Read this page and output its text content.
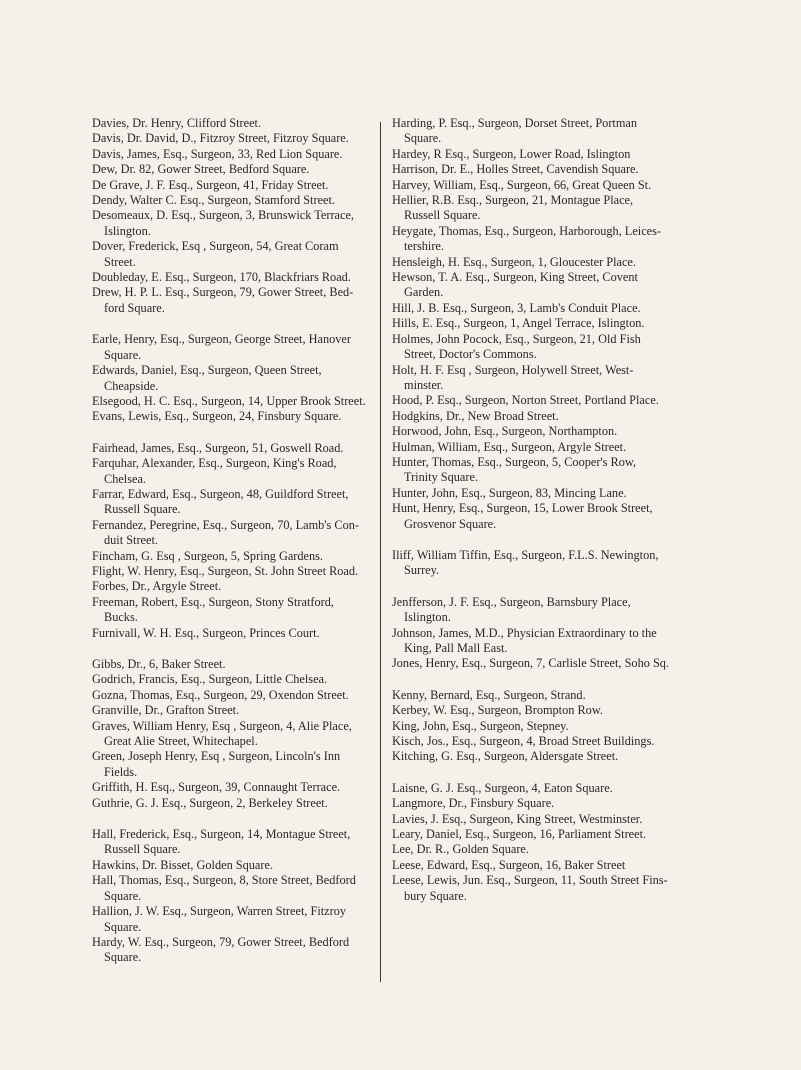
Davies, Dr. Henry, Clifford Street.
Davis, Dr. David, D., Fitzroy Street, Fitzroy Square.
Davis, James, Esq., Surgeon, 33, Red Lion Square.
Dew, Dr. 82, Gower Street, Bedford Square.
De Grave, J. F. Esq., Surgeon, 41, Friday Street.
Dendy, Walter C. Esq., Surgeon, Stamford Street.
Desomeaux, D. Esq., Surgeon, 3, Brunswick Terrace, Islington.
Dover, Frederick, Esq , Surgeon, 54, Great Coram Street.
Doubleday, E. Esq., Surgeon, 170, Blackfriars Road.
Drew, H. P. L. Esq., Surgeon, 79, Gower Street, Bed-ford Square.
Earle, Henry, Esq., Surgeon, George Street, Hanover Square.
Edwards, Daniel, Esq., Surgeon, Queen Street, Cheapside.
Elsegood, H. C. Esq., Surgeon, 14, Upper Brook Street.
Evans, Lewis, Esq., Surgeon, 24, Finsbury Square.
Fairhead, James, Esq., Surgeon, 51, Goswell Road.
Farquhar, Alexander, Esq., Surgeon, King's Road, Chelsea.
Farrar, Edward, Esq., Surgeon, 48, Guildford Street, Russell Square.
Fernandez, Peregrine, Esq., Surgeon, 70, Lamb's Con-duit Street.
Fincham, G. Esq , Surgeon, 5, Spring Gardens.
Flight, W. Henry, Esq., Surgeon, St. John Street Road.
Forbes, Dr., Argyle Street.
Freeman, Robert, Esq., Surgeon, Stony Stratford, Bucks.
Furnivall, W. H. Esq., Surgeon, Princes Court.
Gibbs, Dr., 6, Baker Street.
Godrich, Francis, Esq., Surgeon, Little Chelsea.
Gozna, Thomas, Esq., Surgeon, 29, Oxendon Street.
Granville, Dr., Grafton Street.
Graves, William Henry, Esq , Surgeon, 4, Alie Place, Great Alie Street, Whitechapel.
Green, Joseph Henry, Esq , Surgeon, Lincoln's Inn Fields.
Griffith, H. Esq., Surgeon, 39, Connaught Terrace.
Guthrie, G. J. Esq., Surgeon, 2, Berkeley Street.
Hall, Frederick, Esq., Surgeon, 14, Montague Street, Russell Square.
Hawkins, Dr. Bisset, Golden Square.
Hall, Thomas, Esq., Surgeon, 8, Store Street, Bedford Square.
Hallion, J. W. Esq., Surgeon, Warren Street, Fitzroy Square.
Hardy, W. Esq., Surgeon, 79, Gower Street, Bedford Square.
Harding, P. Esq., Surgeon, Dorset Street, Portman Square.
Hardey, R Esq., Surgeon, Lower Road, Islington
Harrison, Dr. E., Holles Street, Cavendish Square.
Harvey, William, Esq., Surgeon, 66, Great Queen St.
Hellier, R.B. Esq., Surgeon, 21, Montague Place, Russell Square.
Heygate, Thomas, Esq., Surgeon, Harborough, Leices-tershire.
Hensleigh, H. Esq., Surgeon, 1, Gloucester Place.
Hewson, T. A. Esq., Surgeon, King Street, Covent Garden.
Hill, J. B. Esq., Surgeon, 3, Lamb's Conduit Place.
Hills, E. Esq., Surgeon, 1, Angel Terrace, Islington.
Holmes, John Pocock, Esq., Surgeon, 21, Old Fish Street, Doctor's Commons.
Holt, H. F. Esq , Surgeon, Holywell Street, West-minster.
Hood, P. Esq., Surgeon, Norton Street, Portland Place.
Hodgkins, Dr., New Broad Street.
Horwood, John, Esq., Surgeon, Northampton.
Hulman, William, Esq., Surgeon, Argyle Street.
Hunter, Thomas, Esq., Surgeon, 5, Cooper's Row, Trinity Square.
Hunter, John, Esq., Surgeon, 83, Mincing Lane.
Hunt, Henry, Esq., Surgeon, 15, Lower Brook Street, Grosvenor Square.
Iliff, William Tiffin, Esq., Surgeon, F.L.S. Newington, Surrey.
Jenfferson, J. F. Esq., Surgeon, Barnsbury Place, Islington.
Johnson, James, M.D., Physician Extraordinary to the King, Pall Mall East.
Jones, Henry, Esq., Surgeon, 7, Carlisle Street, Soho Sq.
Kenny, Bernard, Esq., Surgeon, Strand.
Kerbey, W. Esq., Surgeon, Brompton Row.
King, John, Esq., Surgeon, Stepney.
Kisch, Jos., Esq., Surgeon, 4, Broad Street Buildings.
Kitching, G. Esq., Surgeon, Aldersgate Street.
Laisne, G. J. Esq., Surgeon, 4, Eaton Square.
Langmore, Dr., Finsbury Square.
Lavies, J. Esq., Surgeon, King Street, Westminster.
Leary, Daniel, Esq., Surgeon, 16, Parliament Street.
Lee, Dr. R., Golden Square.
Leese, Edward, Esq., Surgeon, 16, Baker Street
Leese, Lewis, Jun. Esq., Surgeon, 11, South Street Fins-bury Square.
